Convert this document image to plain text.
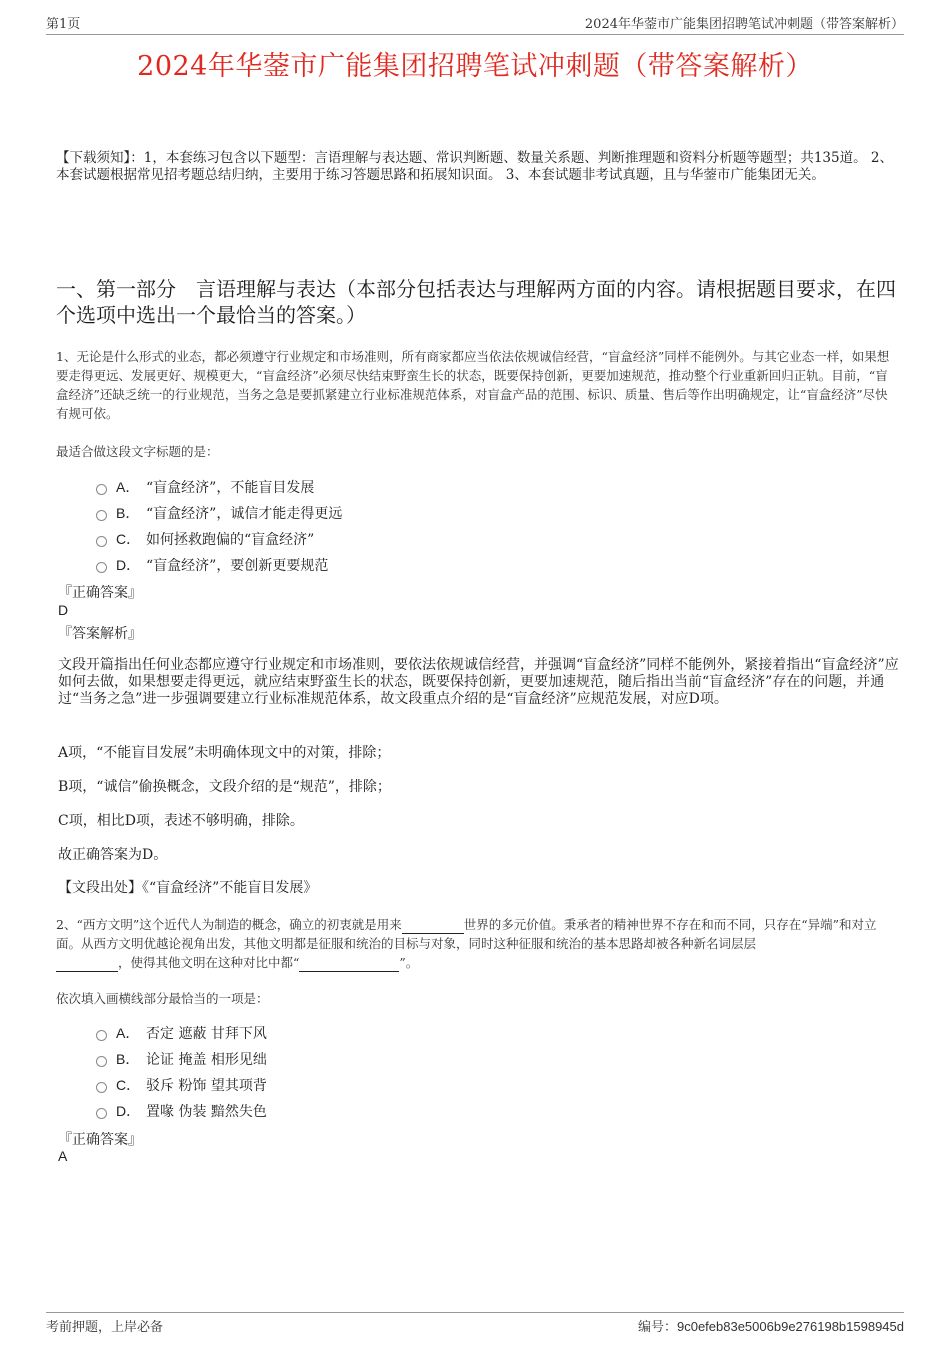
第1页	2024年华蓥市广能集团招聘笔试冲刺题（带答案解析）
2024年华蓥市广能集团招聘笔试冲刺题（带答案解析）
【下载须知】：1，本套练习包含以下题型：言语理解与表达题、常识判断题、数量关系题、判断推理题和资料分析题等题型；共135道。 2、本套试题根据常见招考题总结归纳，主要用于练习答题思路和拓展知识面。 3、本套试题非考试真题，且与华蓥市广能集团无关。
一、第一部分　言语理解与表达（本部分包括表达与理解两方面的内容。请根据题目要求，在四个选项中选出一个最恰当的答案。）
1、无论是什么形式的业态，都必须遵守行业规定和市场准则，所有商家都应当依法依规诚信经营，“盲盒经济”同样不能例外。与其它业态一样，如果想要走得更远、发展更好、规模更大，“盲盒经济”必须尽快结束野蛮生长的状态，既要保持创新，更要加速规范，推动整个行业重新回归正轨。目前，“盲盒经济”还缺乏统一的行业规范，当务之急是要抓紧建立行业标准规范体系，对盲盒产品的范围、标识、质量、售后等作出明确规定，让“盲盒经济”尽快有规可依。
最适合做这段文字标题的是：
A． “盲盒经济”，不能盲目发展
B． “盲盒经济”，诚信才能走得更远
C． 如何拯救跑偏的“盲盒经济”
D． “盲盒经济”，要创新更要规范
『正确答案』
D
『答案解析』
文段开篇指出任何业态都应遵守行业规定和市场准则，要依法依规诚信经营，并强调“盲盒经济”同样不能例外，紧接着指出“盲盒经济”应如何去做，如果想要走得更远，就应结束野蛮生长的状态，既要保持创新，更要加速规范，随后指出当前“盲盒经济”存在的问题，并通过“当务之急”进一步强调要建立行业标准规范体系，故文段重点介绍的是“盲盒经济”应规范发展，对应D项。
A项，“不能盲目发展”未明确体现文中的对策，排除；
B项，“诚信”偷换概念，文段介绍的是“规范”，排除；
C项，相比D项，表述不够明确，排除。
故正确答案为D。
【文段出处】《“盲盒经济”不能盲目发展》
2、“西方文明”这个近代人为制造的概念，确立的初衷就是用来	世界的多元价值。秉承者的精神世界不存在和而不同，只存在“异端”和对立面。从西方文明优越论视角出发，其他文明都是征服和统治的目标与对象，同时这种征服和统治的基本思路却被各种新名词层层
，使得其他文明在这种对比中都“	”。
依次填入画横线部分最恰当的一项是：
A． 否定 遮蔽 甘拜下风
B． 论证 掩盖 相形见绌
C． 驳斥 粉饰 望其项背
D． 置喙 伪装 黯然失色
『正确答案』
A
考前押题，上岸必备	编号：9c0efeb83e5006b9e276198b1598945d
